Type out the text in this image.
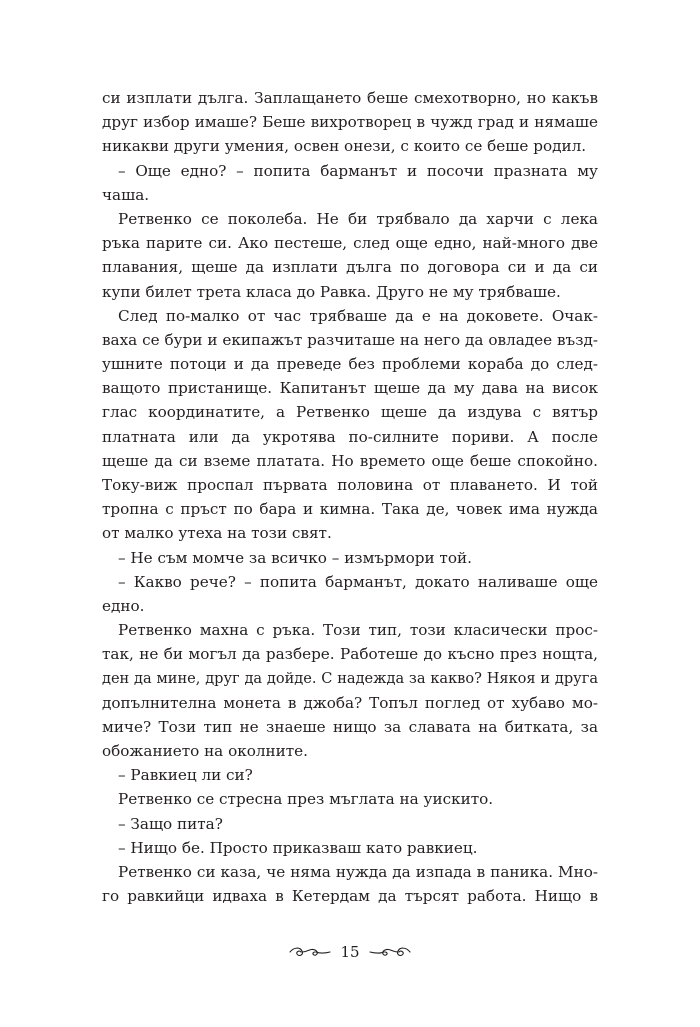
си изплати дълга. Заплащането беше смехотворно, но какъв
друг избор имаше? Беше вихротворец в чужд град и нямаше
никакви други умения, освен онези, с които се беше родил.
– Още едно? – попита барманът и посочи празната му
чаша.
Ретвенко се поколеба. Не би трябвало да харчи с лека
ръка парите си. Ако пестеше, след още едно, най-много две
плавания, щеше да изплати дълга по договора си и да си
купи билет трета класа до Равка. Друго не му трябваше.
След по-малко от час трябваше да е на доковете. Очак-
ваха се бури и екипажът разчиташе на него да овладее възд-
ушните потоци и да преведе без проблеми кораба до след-
ващото пристанище. Капитанът щеше да му дава на висок
глас координатите, а Ретвенко щеше да издува с вятър
платната или да укротява по-силните пориви. А после
щеше да си вземе платата. Но времето още беше спокойно.
Току-виж проспал първата половина от плаването. И той
тропна с пръст по бара и кимна. Така де, човек има нужда
от малко утеха на този свят.
– Не съм момче за всичко – измърмори той.
– Какво рече? – попита барманът, докато наливаше още
едно.
Ретвенко махна с ръка. Този тип, този класически прос-
так, не би могъл да разбере. Работеше до късно през нощта,
ден да мине, друг да дойде. С надежда за какво? Някоя и друга
допълнителна монета в джоба? Топъл поглед от хубаво мо-
миче? Този тип не знаеше нищо за славата на битката, за
обожанието на околните.
– Равкиец ли си?
Ретвенко се стресна през мъглата на уискито.
– Защо пита?
– Нищо бе. Просто приказваш като равкиец.
Ретвенко си каза, че няма нужда да изпада в паника. Мно-
го равкийци идваха в Кетердам да търсят работа. Нищо в
15
